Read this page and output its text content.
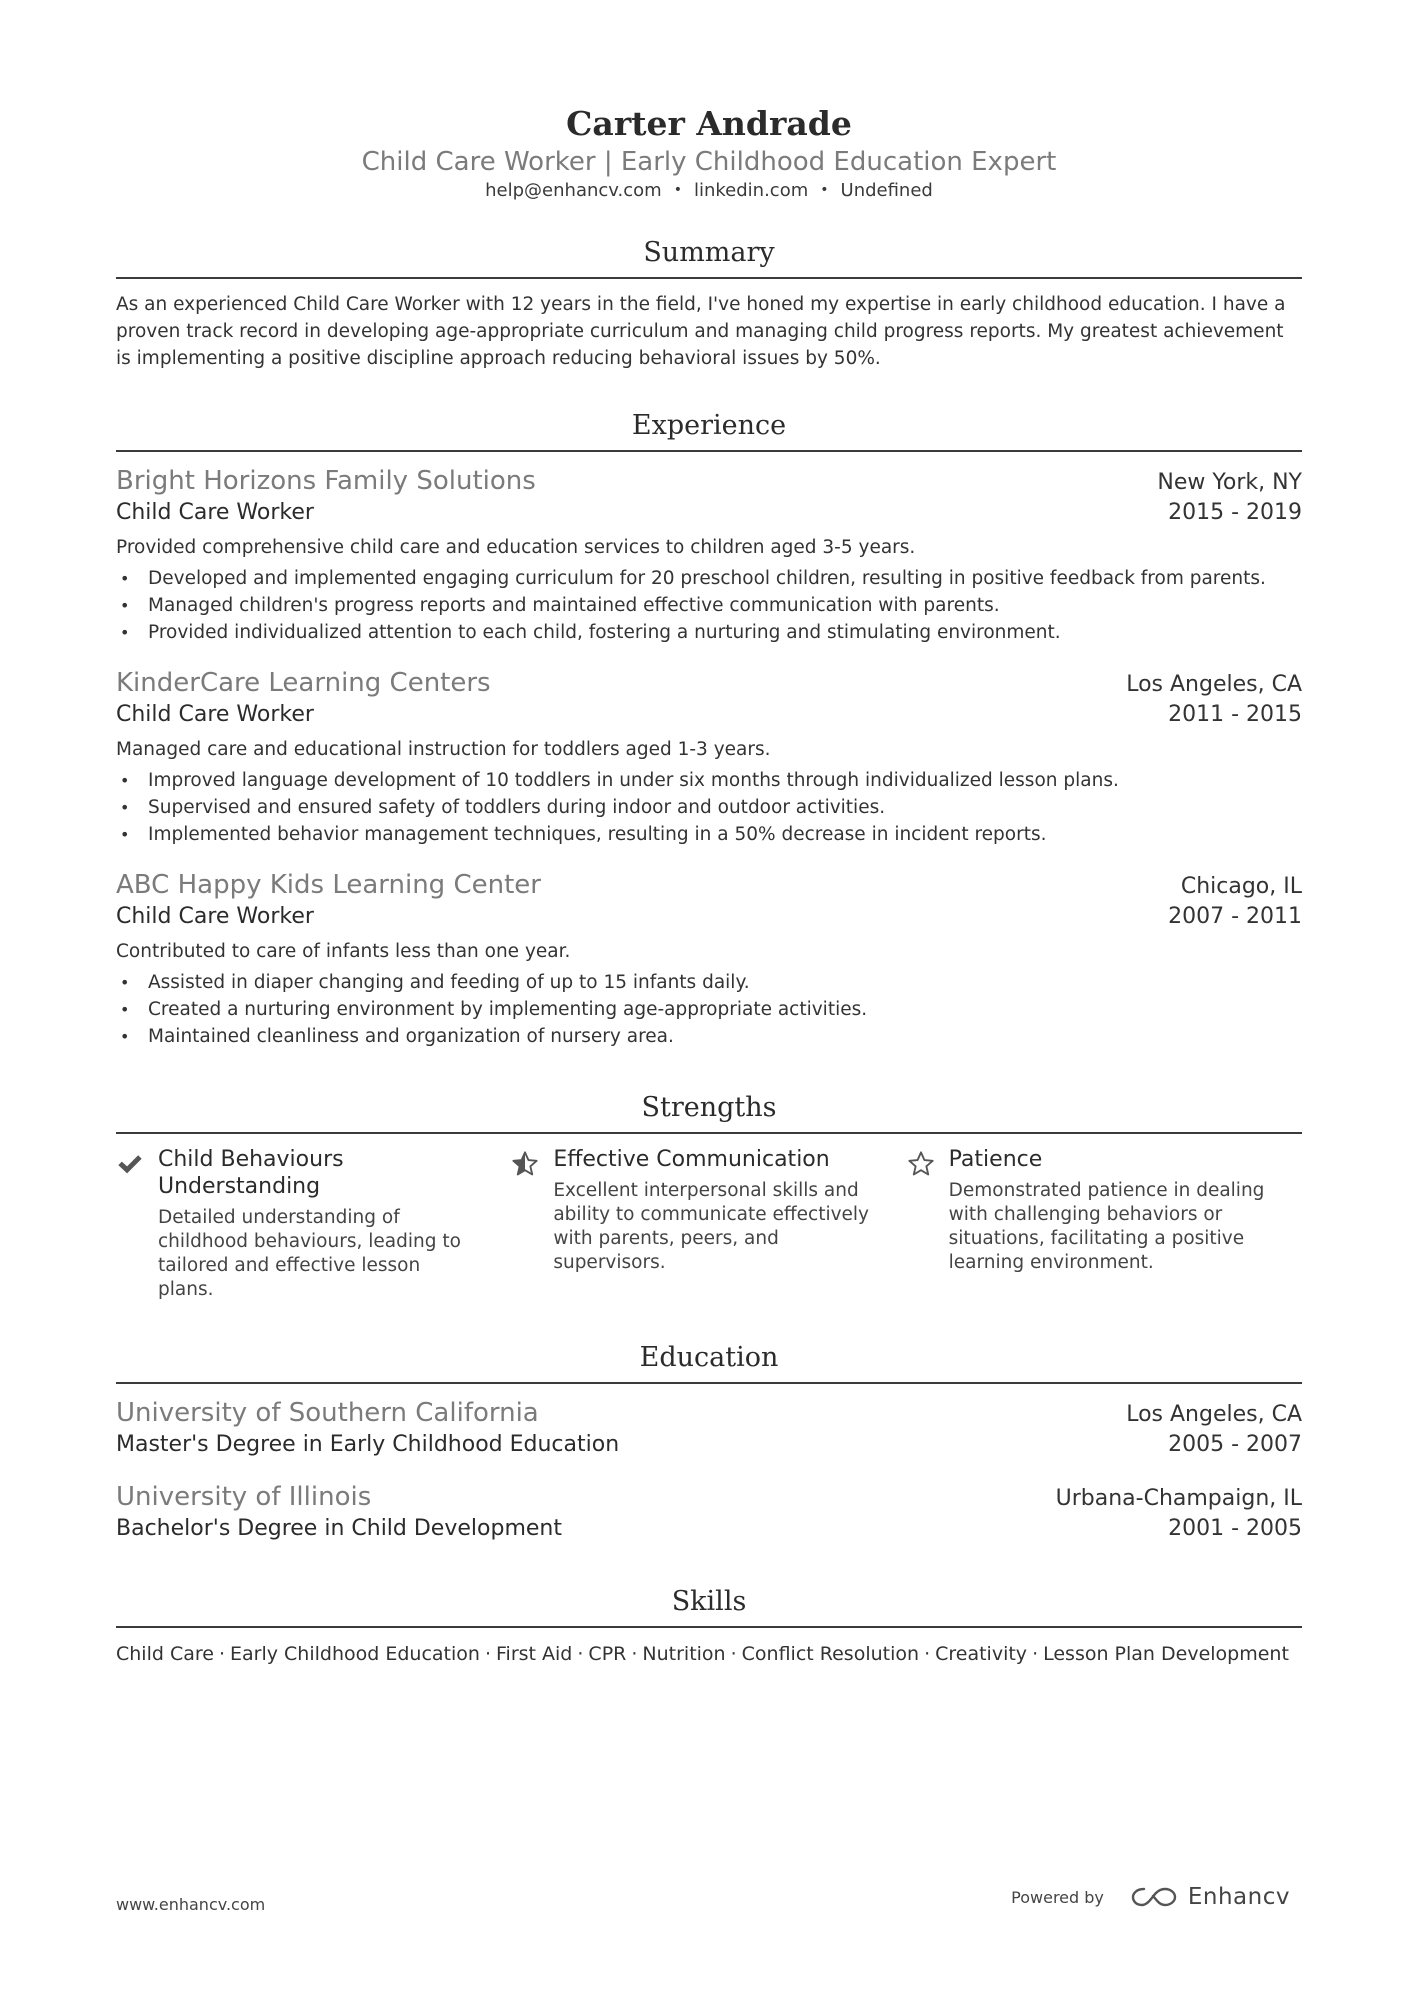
Carter Andrade
Child Care Worker | Early Childhood Education Expert
help@enhancv.com • linkedin.com • Undefined
Summary
As an experienced Child Care Worker with 12 years in the field, I've honed my expertise in early childhood education. I have a proven track record in developing age-appropriate curriculum and managing child progress reports. My greatest achievement is implementing a positive discipline approach reducing behavioral issues by 50%.
Experience
Bright Horizons Family Solutions	New York, NY
Child Care Worker	2015 - 2019
Provided comprehensive child care and education services to children aged 3-5 years.
• Developed and implemented engaging curriculum for 20 preschool children, resulting in positive feedback from parents.
• Managed children's progress reports and maintained effective communication with parents.
• Provided individualized attention to each child, fostering a nurturing and stimulating environment.
KinderCare Learning Centers	Los Angeles, CA
Child Care Worker	2011 - 2015
Managed care and educational instruction for toddlers aged 1-3 years.
• Improved language development of 10 toddlers in under six months through individualized lesson plans.
• Supervised and ensured safety of toddlers during indoor and outdoor activities.
• Implemented behavior management techniques, resulting in a 50% decrease in incident reports.
ABC Happy Kids Learning Center	Chicago, IL
Child Care Worker	2007 - 2011
Contributed to care of infants less than one year.
• Assisted in diaper changing and feeding of up to 15 infants daily.
• Created a nurturing environment by implementing age-appropriate activities.
• Maintained cleanliness and organization of nursery area.
Strengths
Child Behaviours Understanding
Detailed understanding of childhood behaviours, leading to tailored and effective lesson plans.
Effective Communication
Excellent interpersonal skills and ability to communicate effectively with parents, peers, and supervisors.
Patience
Demonstrated patience in dealing with challenging behaviors or situations, facilitating a positive learning environment.
Education
University of Southern California	Los Angeles, CA
Master's Degree in Early Childhood Education	2005 - 2007
University of Illinois	Urbana-Champaign, IL
Bachelor's Degree in Child Development	2001 - 2005
Skills
Child Care · Early Childhood Education · First Aid · CPR · Nutrition · Conflict Resolution · Creativity · Lesson Plan Development
www.enhancv.com	Powered by	Enhancv
